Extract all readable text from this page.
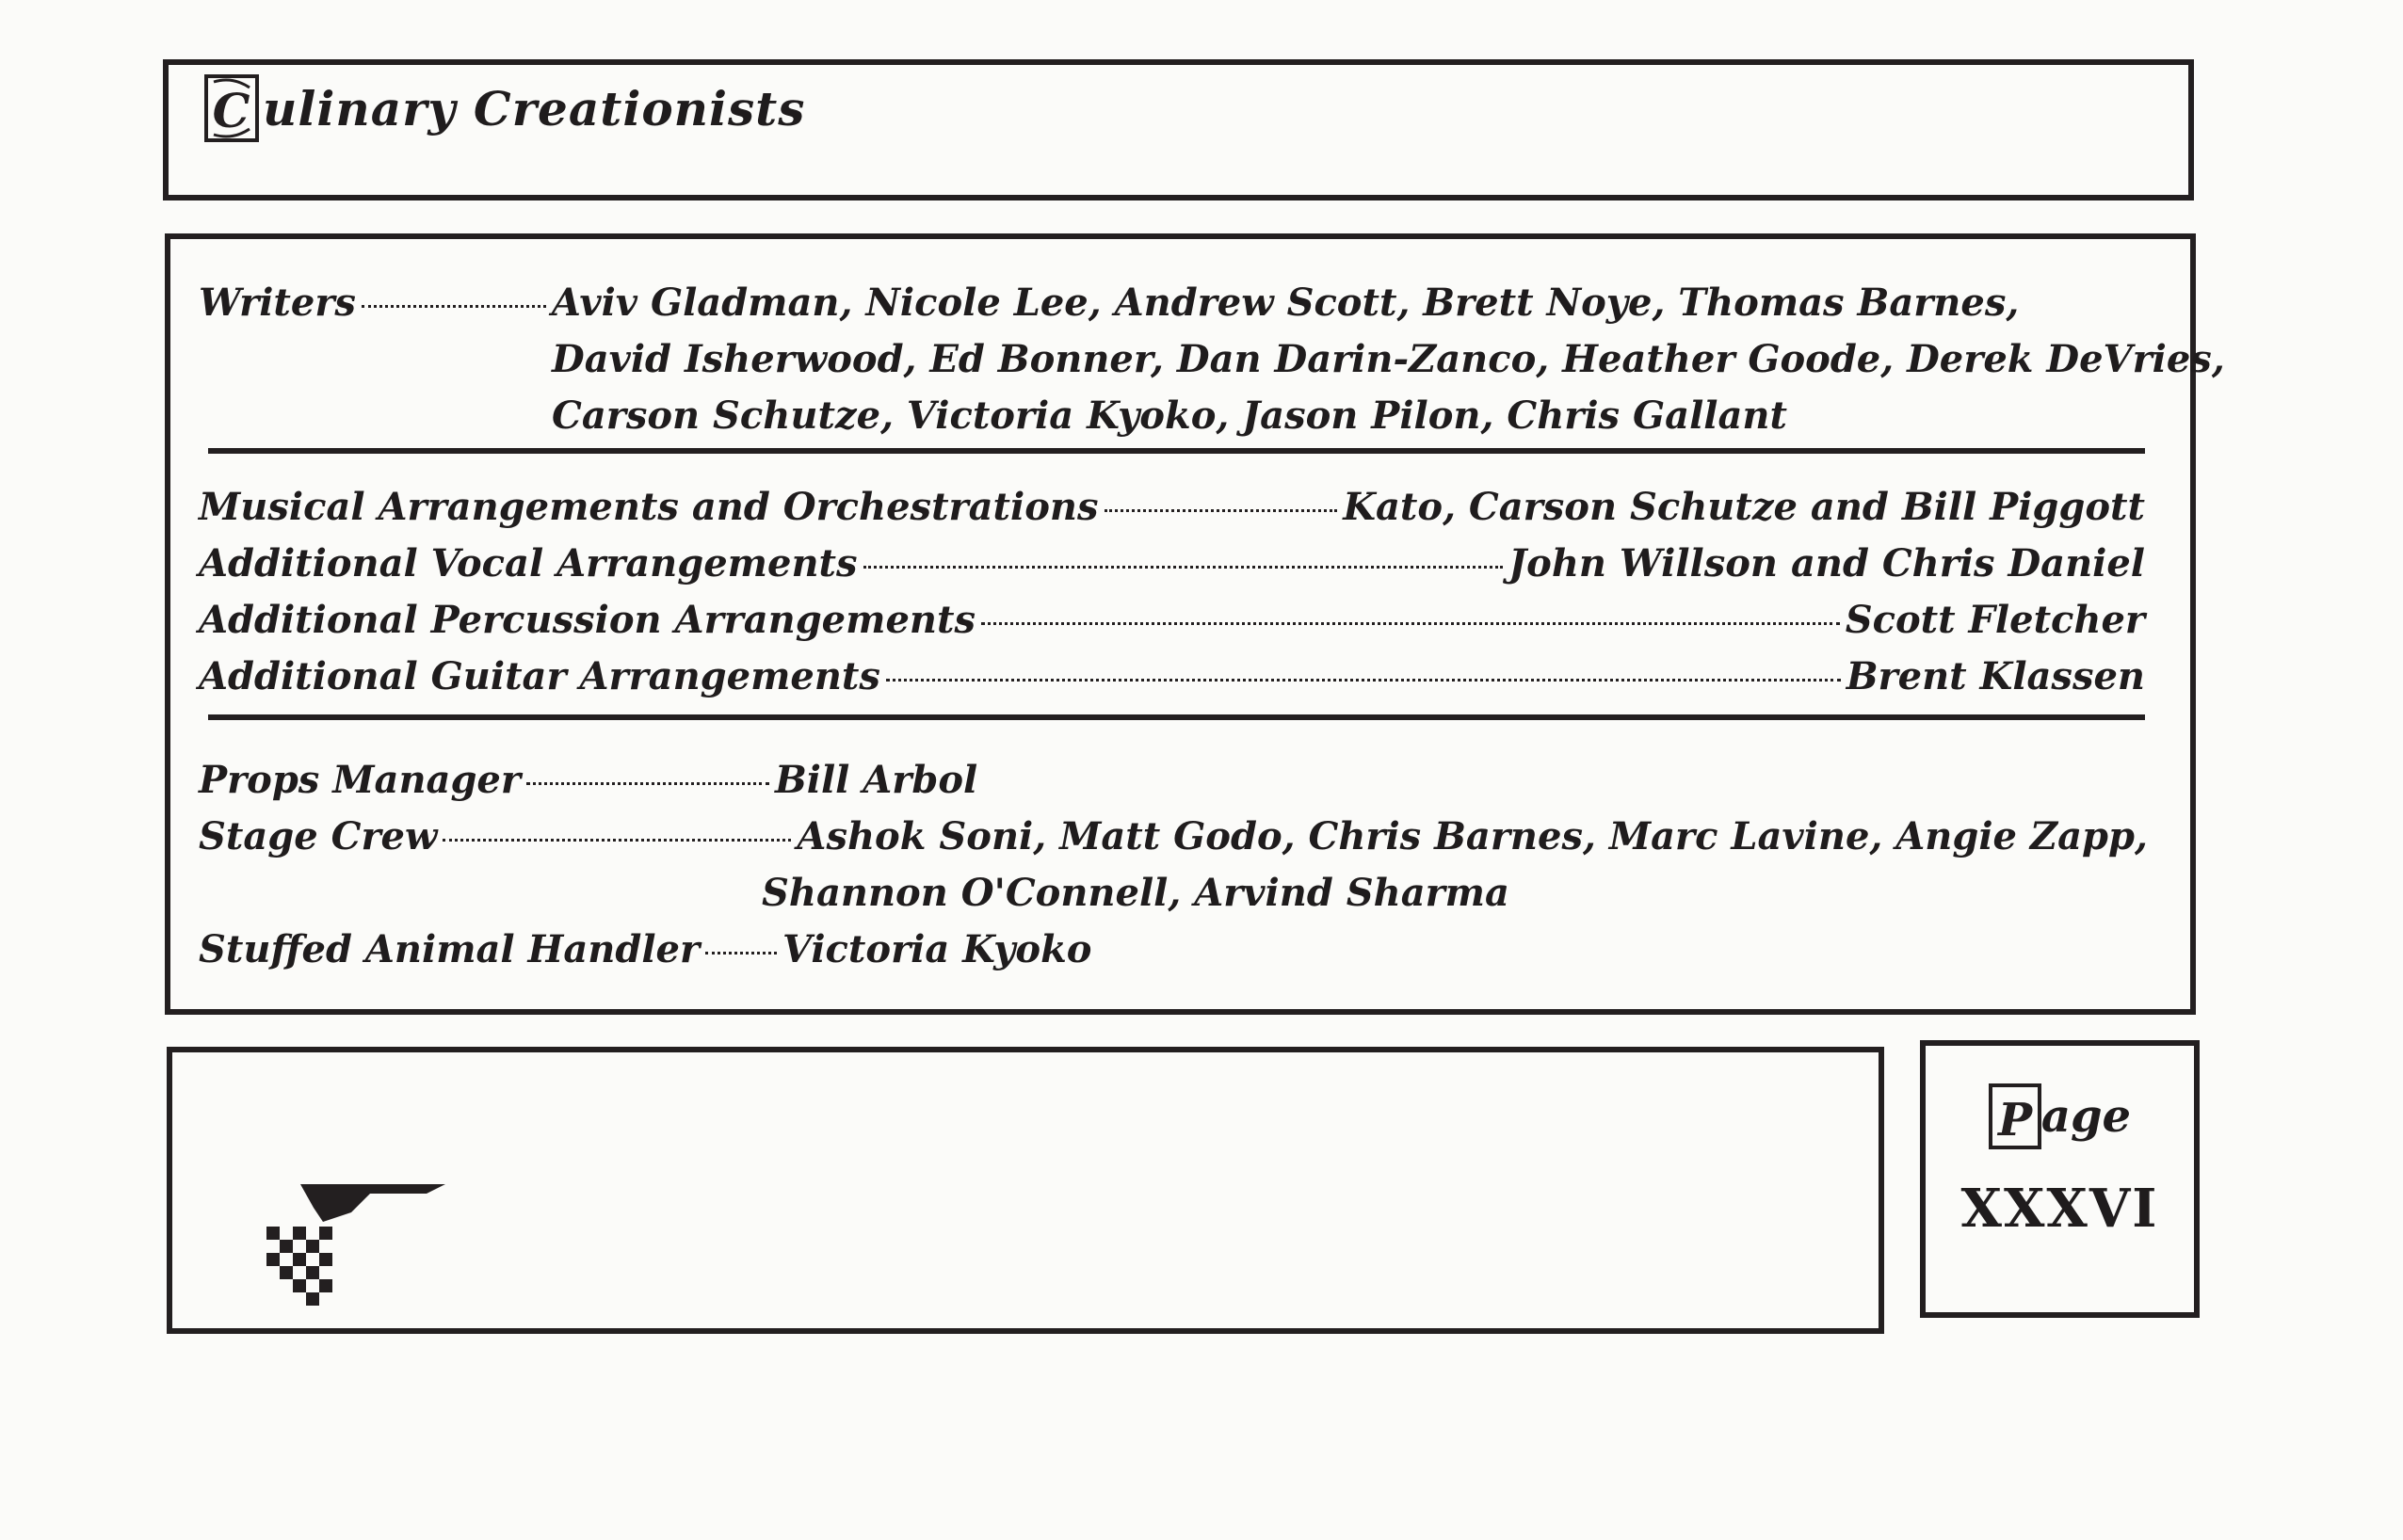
C ulinary Creationists
Writers	Aviv Gladman, Nicole Lee, Andrew Scott, Brett Noye, Thomas Barnes,
David Isherwood, Ed Bonner, Dan Darin-Zanco, Heather Goode, Derek DeVries,
Carson Schutze, Victoria Kyoko, Jason Pilon, Chris Gallant
Musical Arrangements and Orchestrations	Kato, Carson Schutze and Bill Piggott
Additional Vocal Arrangements	John Willson and Chris Daniel
Additional Percussion Arrangements	Scott Fletcher
Additional Guitar Arrangements	Brent Klassen
Props Manager	Bill Arbol
Stage Crew	Ashok Soni, Matt Godo, Chris Barnes, Marc Lavine, Angie Zapp,
Shannon O'Connell, Arvind Sharma
Stuffed Animal Handler Victoria Kyoko
P age
XXXVI
